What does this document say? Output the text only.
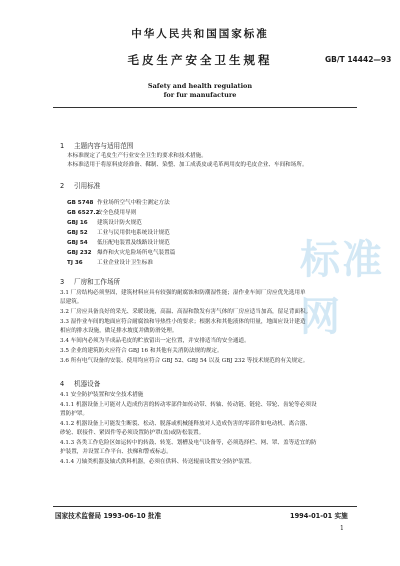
中华人民共和国国家标准
毛皮生产安全卫生规程	GB/T 14442—93
Safety and health regulation
for fur manufacture
标准网
1 主题内容与适用范围
本标准规定了毛皮生产行业安全卫生的要求和技术措施。
本标准适用于将原料皮经准备、鞣制、染整、加工成裘皮或毛革两用皮的毛皮企业、车间和场所。
2 引用标准
GB 5748 作业场所空气中粉尘测定方法
GB 6527.2安全色使用导则
GBJ 16 建筑设计防火规范
GBJ 52 工业与民用供电系统设计规范
GBJ 54 低压配电装置及线路设计规范
GBJ 232 爆炸和火灾危险场所电气装置篇
TJ 36	工业企业设计卫生标准
3 厂房和工作场所
3.1 厂房结构必须坚固，建筑材料应具有较强的耐腐蚀和防潮湿性能；湿作业车间厂房应优先选用单
层建筑。
3.2 厂房应具备良好的采光、采暖设施，高温、高湿和散发有害气体的厂房应适当加高，留足背面积。
3.3 湿作业车间的地面应符合耐腐蚀和导热性小的要求；根据水和其他液体的用量，地面应设计建造
相应的排水设施，做足排水坡度并做防滑处理。
3.4 车间内必须为半成品毛皮的贮放留出一定位置，并安排适当的安全通道。
3.5 企业的建筑防火应符合 GBJ 16 和其他有关消防法规的规定。
3.6 所有电气设备的安装、使用均应符合 GBJ 52、GBJ 54 以及 GBJ 232 等技术规范的有关规定。
4 机器设备
4.1 安全防护装置和安全技术措施
4.1.1 机器设备上可能对人造成伤害的转动零部件如传动带、转轴、传动链、链轮、带轮、齿轮等必须设
置防护罩。
4.1.2 机器设备上可能发生断裂、松动、脱落或机械能释放对人造成伤害的零部件如电动机、离合器、
砂轮、联接件、紧固件等必须设置防护罩(盖)或防松装置。
4.1.3 各类工作危险区如运转中的转鼓、转笼、划槽及电气设备等，必须选择栏、网、罩、盖等适宜的防
护装置，并设置工作平台、扶梯和警戒标志。
4.1.4 刀轴类机器及轴式供料机器，必须在供料、传送辊前设置安全防护装置。
国家技术监督局 1993-06-10 批准	1994-01-01 实施
1
